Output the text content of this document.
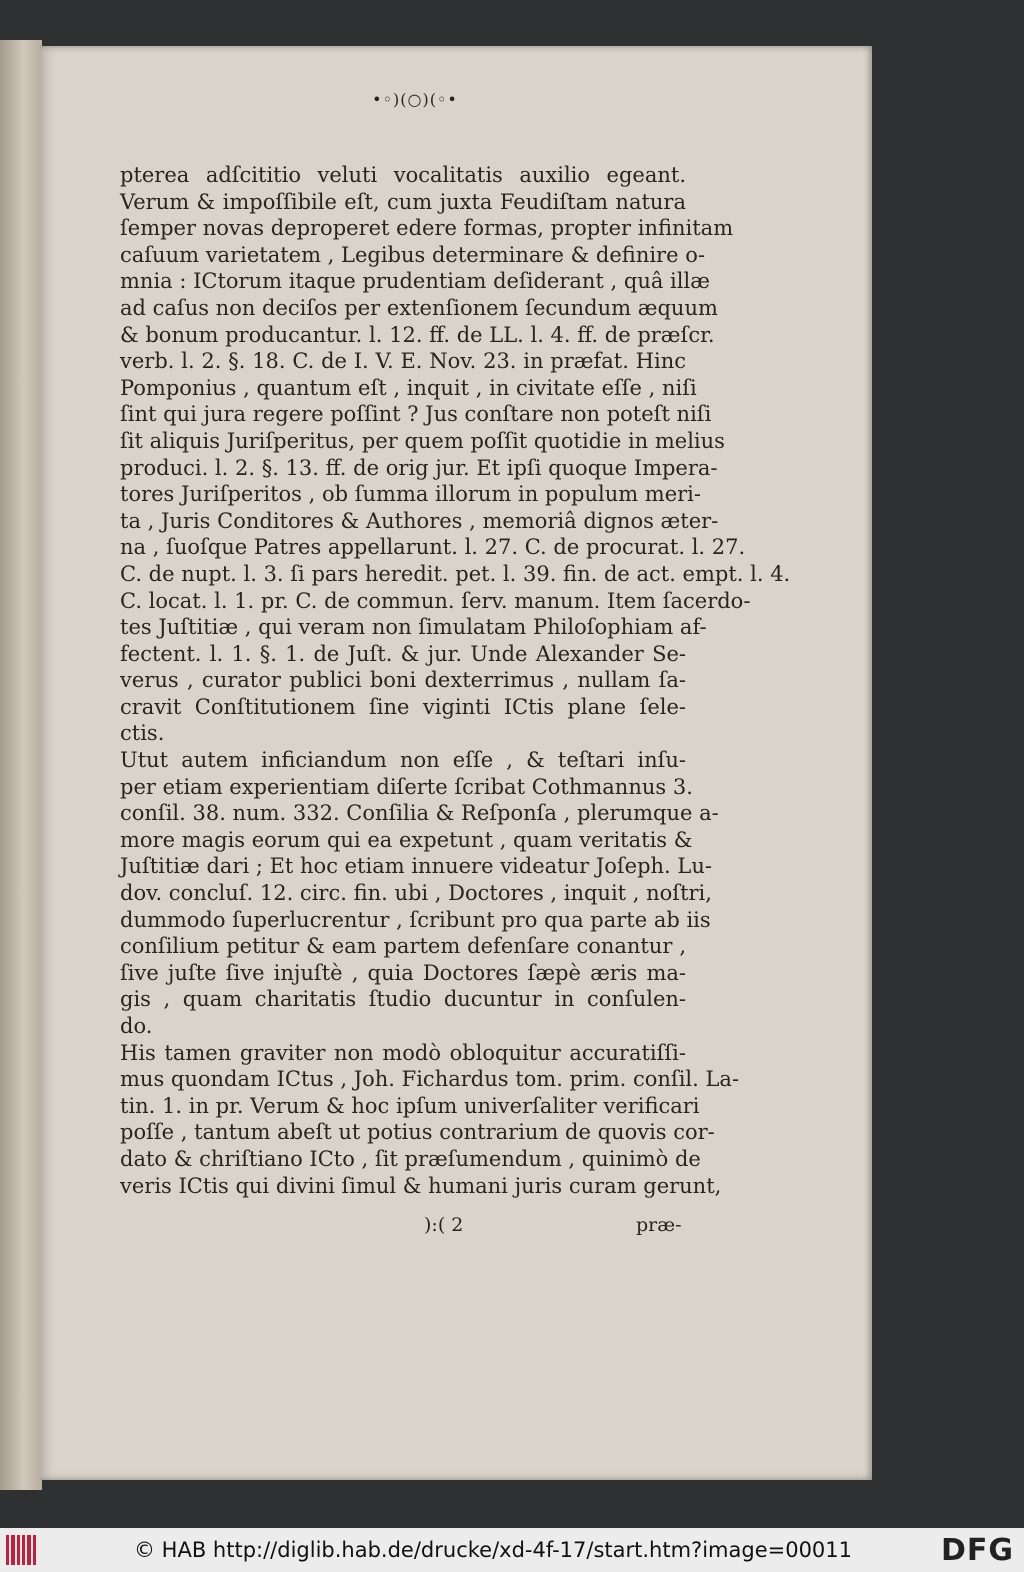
•◦)(○)(◦•
pterea adſcititio veluti vocalitatis auxilio egeant.
Verum & impoſſibile eſt, cum juxta Feudiſtam natura
ſemper novas deproperet edere formas, propter infinitam
caſuum varietatem , Legibus determinare & definire o-
mnia : ICtorum itaque prudentiam deſiderant , quâ illæ
ad caſus non deciſos per extenſionem ſecundum æquum
& bonum producantur. l. 12. ff. de LL. l. 4. ff. de præſcr.
verb. l. 2. §. 18. C. de I. V. E. Nov. 23. in præfat. Hinc
Pomponius , quantum eſt , inquit , in civitate eſſe , niſi
ſint qui jura regere poſſint ? Jus conſtare non poteſt niſi
ſit aliquis Juriſperitus, per quem poſſit quotidie in melius
produci. l. 2. §. 13. ff. de orig jur. Et ipſi quoque Impera-
tores Juriſperitos , ob ſumma illorum in populum meri-
ta , Juris Conditores & Authores , memoriâ dignos æter-
na , ſuoſque Patres appellarunt. l. 27. C. de procurat. l. 27.
C. de nupt. l. 3. ſi pars heredit. pet. l. 39. fin. de act. empt. l. 4.
C. locat. l. 1. pr. C. de commun. ſerv. manum. Item ſacerdo-
tes Juſtitiæ , qui veram non ſimulatam Philoſophiam af-
fectent. l. 1. §. 1. de Juſt. & jur. Unde Alexander Se-
verus , curator publici boni dexterrimus , nullam ſa-
cravit Conſtitutionem ſine viginti ICtis plane ſele-
ctis.
Utut autem inficiandum non eſſe , & teſtari inſu-
per etiam experientiam diſerte ſcribat Cothmannus 3.
conſil. 38. num. 332. Conſilia & Reſponſa , plerumque a-
more magis eorum qui ea expetunt , quam veritatis &
Juſtitiæ dari ; Et hoc etiam innuere videatur Joſeph. Lu-
dov. concluſ. 12. circ. fin. ubi , Doctores , inquit , noſtri,
dummodo ſuperlucrentur , ſcribunt pro qua parte ab iis
conſilium petitur & eam partem defenſare conantur ,
ſive juſte ſive injuſtè , quia Doctores ſæpè æris ma-
gis , quam charitatis ſtudio ducuntur in conſulen-
do.
His tamen graviter non modò obloquitur accuratiſſi-
mus quondam ICtus , Joh. Fichardus tom. prim. conſil. La-
tin. 1. in pr. Verum & hoc ipſum univerſaliter verificari
poſſe , tantum abeſt ut potius contrarium de quovis cor-
dato & chriſtiano ICto , ſit præſumendum , quinimò de
veris ICtis qui divini ſimul & humani juris curam gerunt,
):( 2	præ-
© HAB http://diglib.hab.de/drucke/xd-4f-17/start.htm?image=00011	DFG
